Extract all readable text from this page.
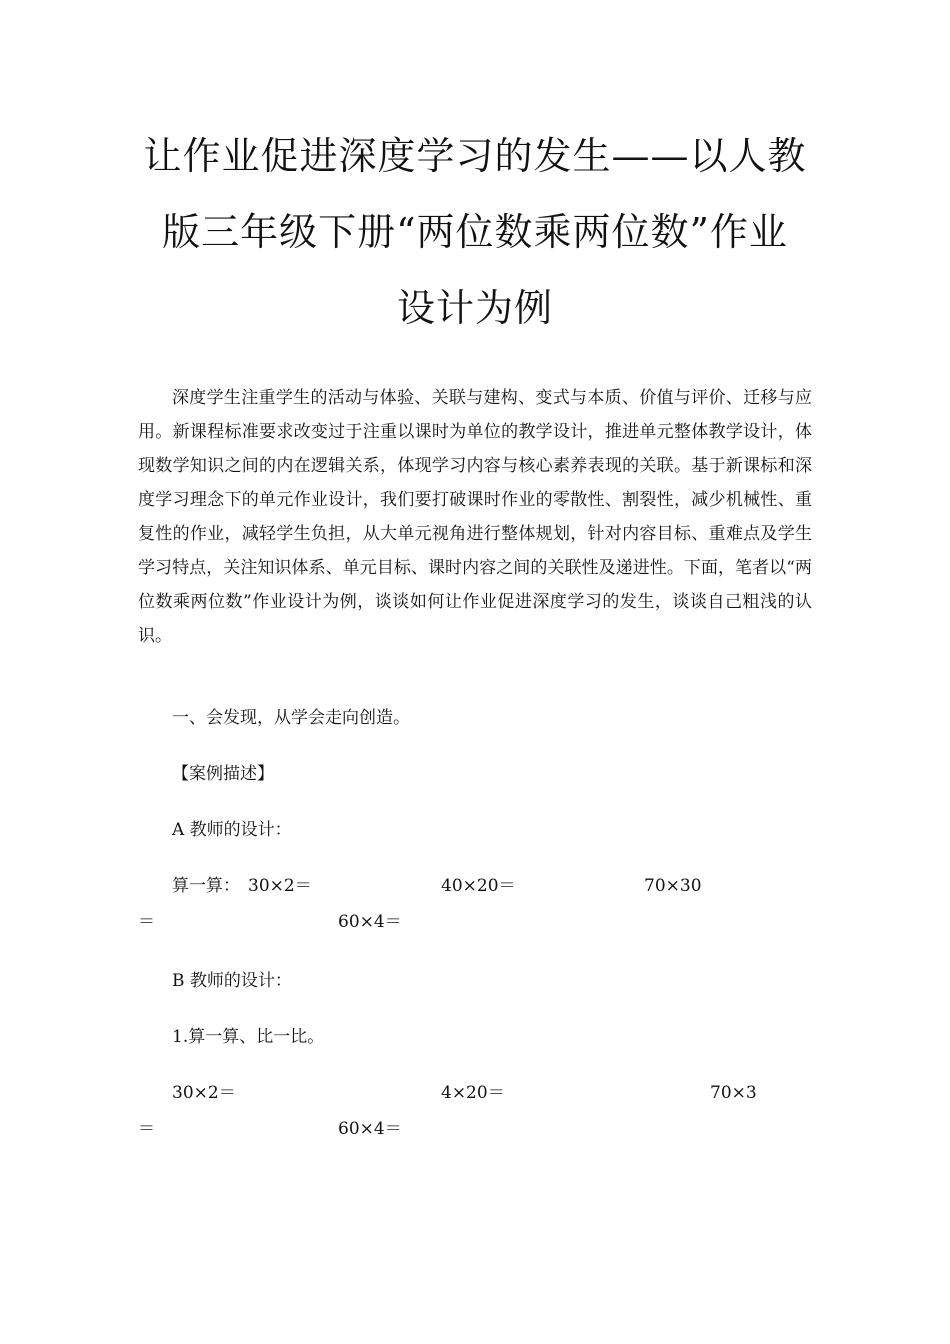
让作业促进深度学习的发生——以人教
版三年级下册“两位数乘两位数”作业
设计为例
深度学生注重学生的活动与体验、关联与建构、变式与本质、价值与评价、迁移与应用。新课程标准要求改变过于注重以课时为单位的教学设计，推进单元整体教学设计，体现数学知识之间的内在逻辑关系，体现学习内容与核心素养表现的关联。基于新课标和深度学习理念下的单元作业设计，我们要打破课时作业的零散性、割裂性，减少机械性、重复性的作业，减轻学生负担，从大单元视角进行整体规划，针对内容目标、重难点及学生学习特点，关注知识体系、单元目标、课时内容之间的关联性及递进性。下面，笔者以“两位数乘两位数”作业设计为例，谈谈如何让作业促进深度学习的发生，谈谈自己粗浅的认识。
一、会发现，从学会走向创造。
【案例描述】
A 教师的设计：
算一算： 30×2＝	40×20＝	70×30
＝	60×4＝
B 教师的设计：
1.算一算、比一比。
30×2＝	4×20＝	70×3
＝	60×4＝
